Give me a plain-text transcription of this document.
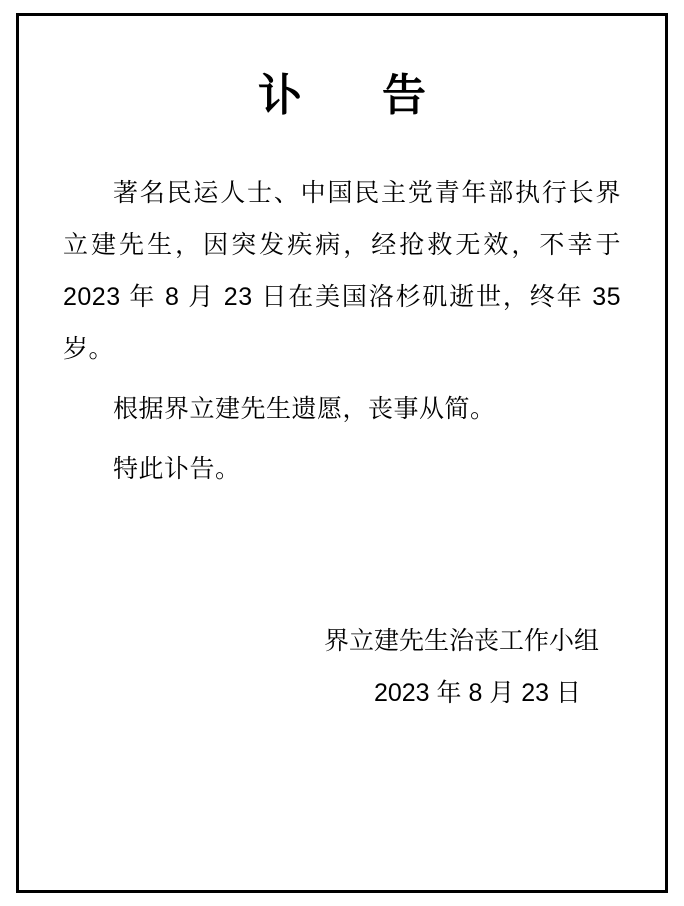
讣　告

著名民运人士、中国民主党青年部执行长界立建先生，因突发疾病，经抢救无效，不幸于 2023 年 8 月 23 日在美国洛杉矶逝世，终年 35 岁。

根据界立建先生遗愿，丧事从简。

特此讣告。

界立建先生治丧工作小组
2023 年 8 月 23 日
